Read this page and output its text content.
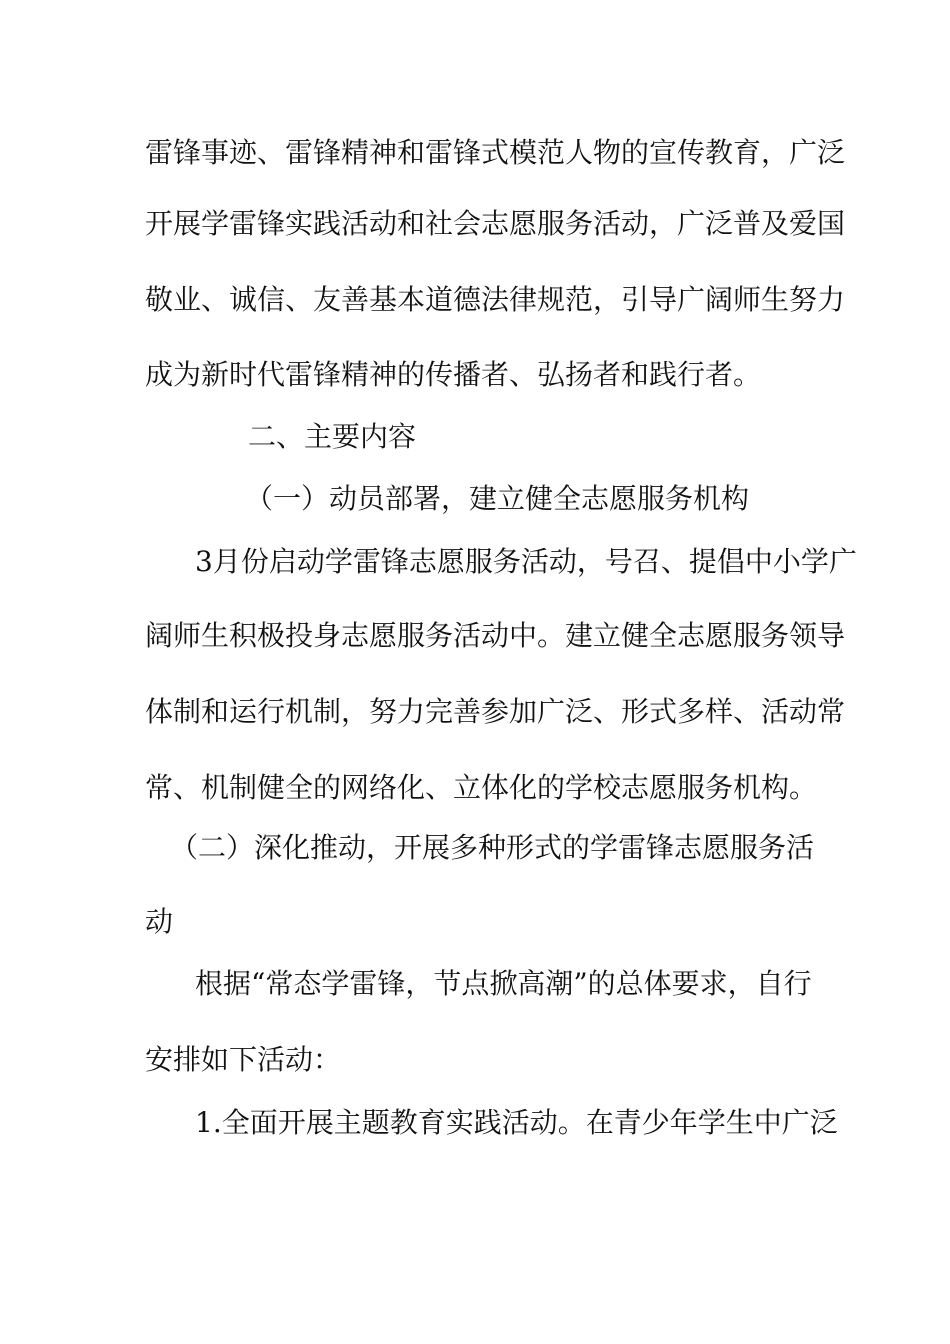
雷锋事迹、雷锋精神和雷锋式模范人物的宣传教育，广泛
开展学雷锋实践活动和社会志愿服务活动，广泛普及爱国
敬业、诚信、友善基本道德法律规范，引导广阔师生努力
成为新时代雷锋精神的传播者、弘扬者和践行者。
二、主要内容
（一）动员部署，建立健全志愿服务机构
3月份启动学雷锋志愿服务活动，号召、提倡中小学广
阔师生积极投身志愿服务活动中。建立健全志愿服务领导
体制和运行机制，努力完善参加广泛、形式多样、活动常
常、机制健全的网络化、立体化的学校志愿服务机构。
（二）深化推动，开展多种形式的学雷锋志愿服务活
动
根据“常态学雷锋，节点掀高潮”的总体要求，自行
安排如下活动：
1.全面开展主题教育实践活动。在青少年学生中广泛
